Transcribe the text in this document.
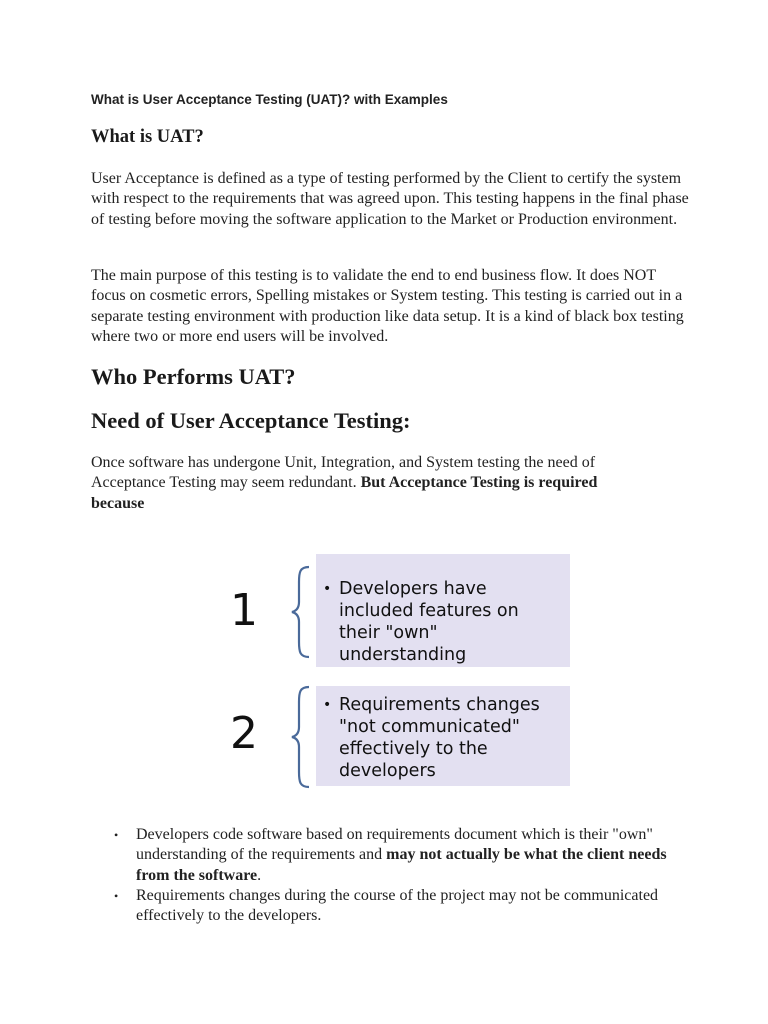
What is User Acceptance Testing (UAT)? with Examples
What is UAT?

User Acceptance is defined as a type of testing performed by the Client to certify the system with respect to the requirements that was agreed upon. This testing happens in the final phase of testing before moving the software application to the Market or Production environment.

The main purpose of this testing is to validate the end to end business flow. It does NOT focus on cosmetic errors, Spelling mistakes or System testing. This testing is carried out in a separate testing environment with production like data setup. It is a kind of black box testing where two or more end users will be involved.

Who Performs UAT?
Need of User Acceptance Testing:

Once software has undergone Unit, Integration, and System testing the need of Acceptance Testing may seem redundant. But Acceptance Testing is required because

1	• Developers have included features on their "own" understanding
2
• Requirements changes "not communicated" effectively to the developers
• Developers code software based on requirements document which is their "own" understanding of the requirements and may not actually be what the client needs from the software.
• Requirements changes during the course of the project may not be communicated effectively to the developers.
